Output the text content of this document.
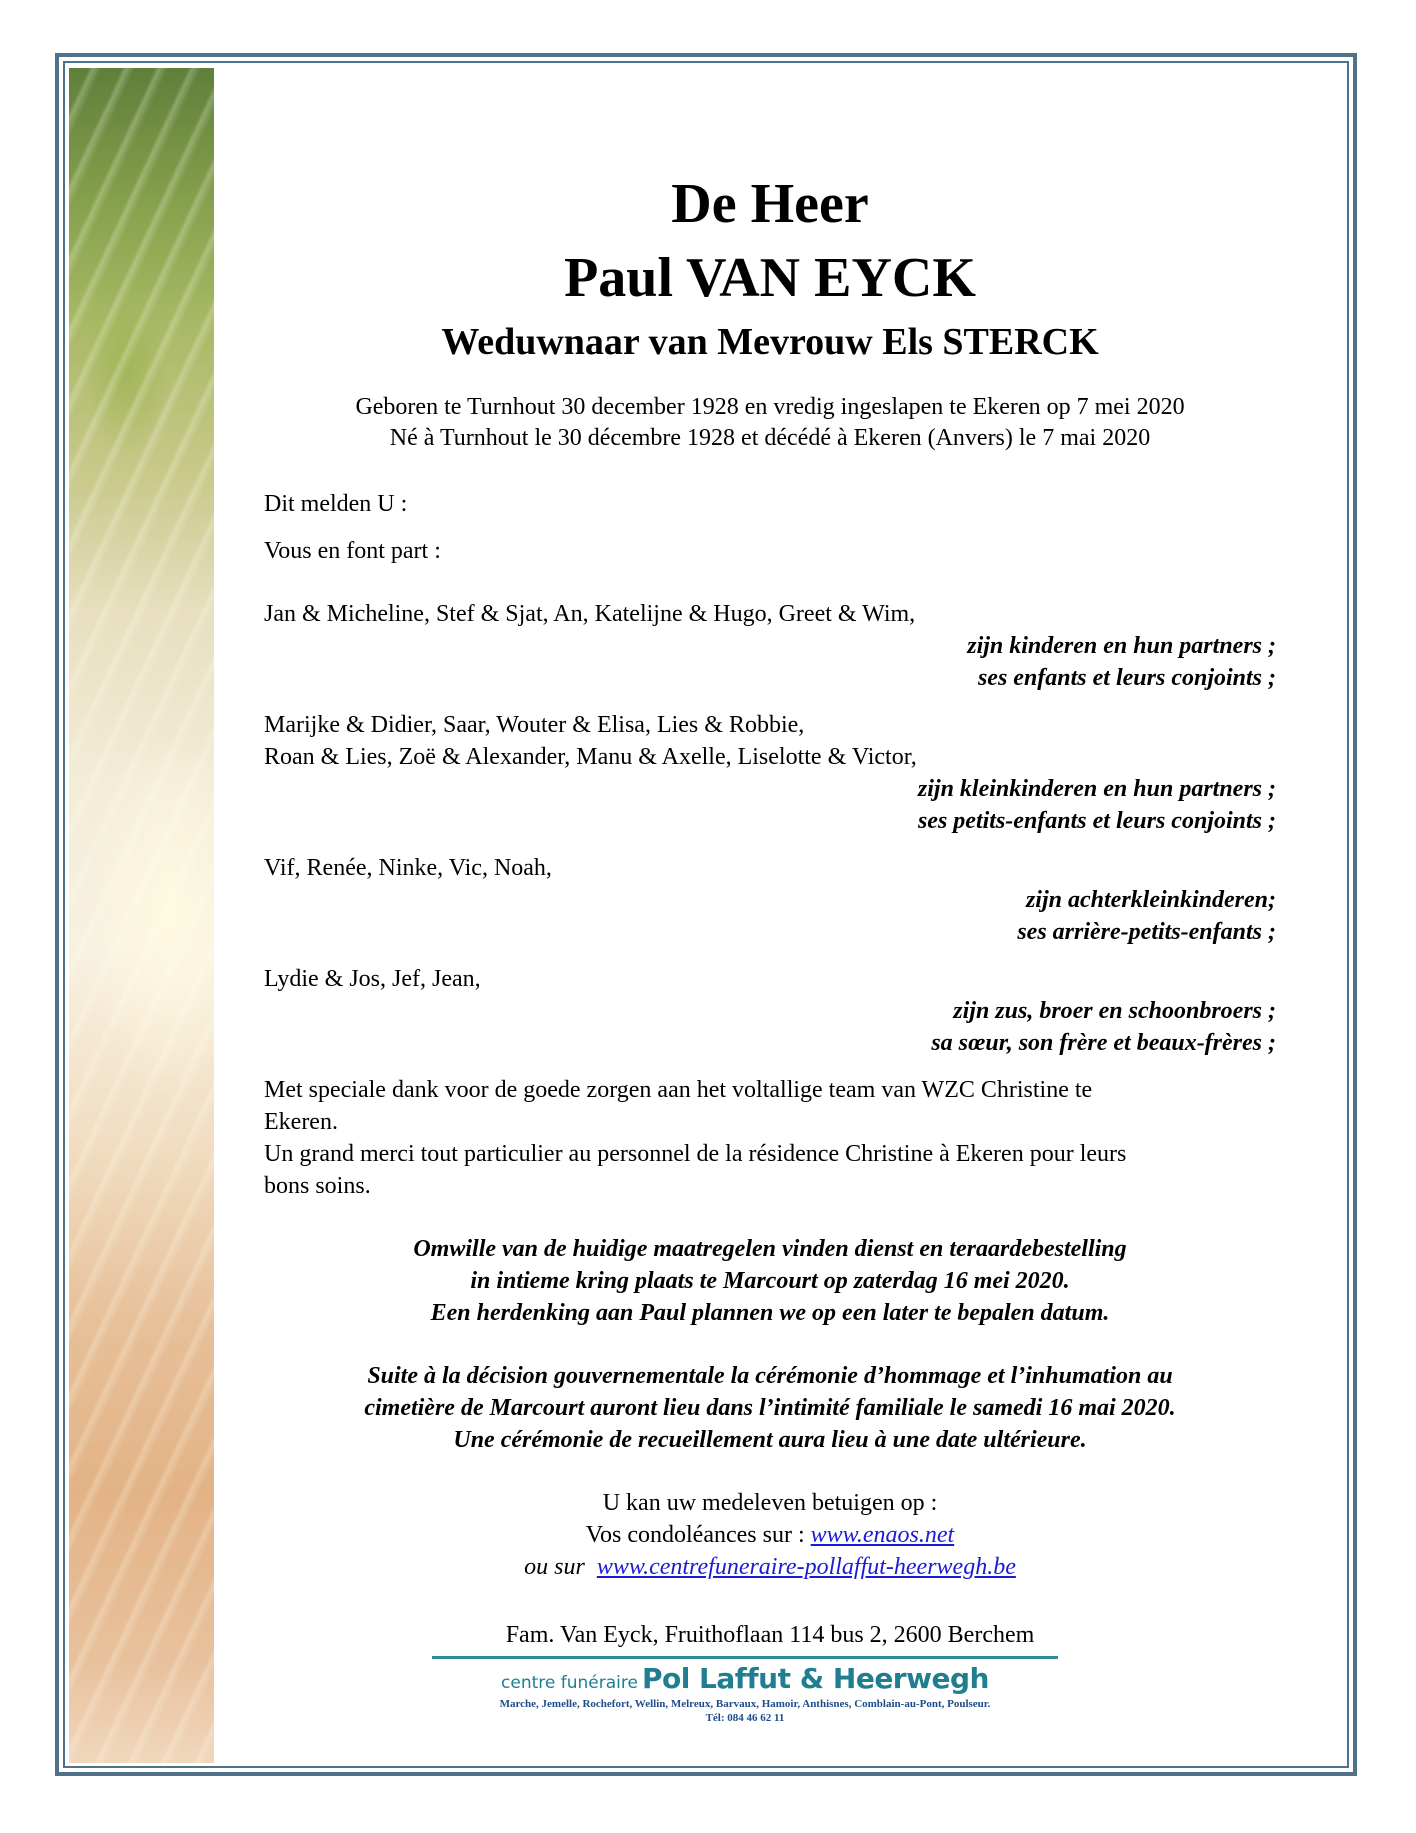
De Heer
Paul VAN EYCK
Weduwnaar van Mevrouw Els STERCK
Geboren te Turnhout 30 december 1928 en vredig ingeslapen te Ekeren op 7 mei 2020
Né à Turnhout le 30 décembre 1928 et décédé à Ekeren (Anvers) le 7 mai 2020
Dit melden U :
Vous en font part :
Jan & Micheline, Stef & Sjat, An, Katelijne & Hugo, Greet & Wim,
zijn kinderen en hun partners ;
ses enfants et leurs conjoints ;
Marijke & Didier, Saar, Wouter & Elisa, Lies & Robbie,
Roan & Lies, Zoë & Alexander, Manu & Axelle, Liselotte & Victor,
zijn kleinkinderen en hun partners ;
ses petits-enfants et leurs conjoints ;
Vif, Renée, Ninke, Vic, Noah,
zijn achterkleinkinderen;
ses arrière-petits-enfants ;
Lydie & Jos, Jef, Jean,
zijn zus, broer en schoonbroers ;
sa sœur, son frère et beaux-frères ;
Met speciale dank voor de goede zorgen aan het voltallige team van WZC Christine te
Ekeren.
Un grand merci tout particulier au personnel de la résidence Christine à Ekeren pour leurs
bons soins.
Omwille van de huidige maatregelen vinden dienst en teraardebestelling
in intieme kring plaats te Marcourt op zaterdag 16 mei 2020.
Een herdenking aan Paul plannen we op een later te bepalen datum.
Suite à la décision gouvernementale la cérémonie d’hommage et l’inhumation au
cimetière de Marcourt auront lieu dans l’intimité familiale le samedi 16 mai 2020.
Une cérémonie de recueillement aura lieu à une date ultérieure.
U kan uw medeleven betuigen op :
Vos condoléances sur : www.enaos.net
ou sur www.centrefuneraire-pollaffut-heerwegh.be
Fam. Van Eyck, Fruithoflaan 114 bus 2, 2600 Berchem
centre funéraire Pol Laffut & Heerwegh
Marche, Jemelle, Rochefort, Wellin, Melreux, Barvaux, Hamoir, Anthisnes, Comblain-au-Pont, Poulseur.
Tél: 084 46 62 11
